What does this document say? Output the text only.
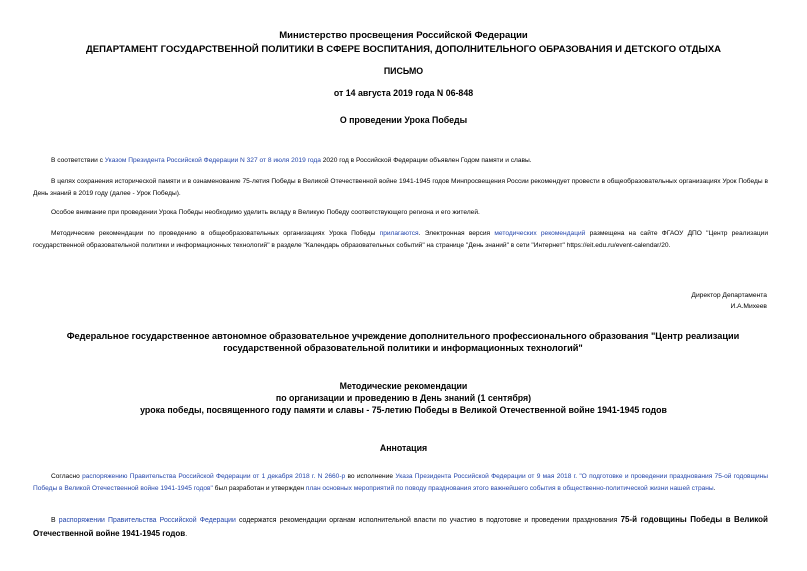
Министерство просвещения Российской Федерации
ДЕПАРТАМЕНТ ГОСУДАРСТВЕННОЙ ПОЛИТИКИ В СФЕРЕ ВОСПИТАНИЯ, ДОПОЛНИТЕЛЬНОГО ОБРАЗОВАНИЯ И ДЕТСКОГО ОТДЫХА
ПИСЬМО
от 14 августа 2019 года N 06-848
О проведении Урока Победы
В соответствии с Указом Президента Российской Федерации N 327 от 8 июля 2019 года 2020 год в Российской Федерации объявлен Годом памяти и славы.
В целях сохранения исторической памяти и в ознаменование 75-летия Победы в Великой Отечественной войне 1941-1945 годов Минпросвещения России рекомендует провести в общеобразовательных организациях Урок Победы в День знаний в 2019 году (далее - Урок Победы).
Особое внимание при проведении Урока Победы необходимо уделить вкладу в Великую Победу соответствующего региона и его жителей.
Методические рекомендации по проведению в общеобразовательных организациях Урока Победы прилагаются. Электронная версия методических рекомендаций размещена на сайте ФГАОУ ДПО "Центр реализации государственной образовательной политики и информационных технологий" в разделе "Календарь образовательных событий" на странице "День знаний" в сети "Интернет" https://eit.edu.ru/event-calendar/20.
Директор Департамента
И.А.Михеев
Федеральное государственное автономное образовательное учреждение дополнительного профессионального образования "Центр реализации государственной образовательной политики и информационных технологий"
Методические рекомендации
по организации и проведению в День знаний (1 сентября)
урока победы, посвященного году памяти и славы - 75-летию Победы в Великой Отечественной войне 1941-1945 годов
Аннотация
Согласно распоряжению Правительства Российской Федерации от 1 декабря 2018 г. N 2660-р во исполнение Указа Президента Российской Федерации от 9 мая 2018 г. "О подготовке и проведении празднования 75-ой годовщины Победы в Великой Отечественной войне 1941-1945 годов" был разработан и утвержден план основных мероприятий по поводу празднования этого важнейшего события в общественно-политической жизни нашей страны.
В распоряжении Правительства Российской Федерации содержатся рекомендации органам исполнительной власти по участию в подготовке и проведении празднования 75-й годовщины Победы в Великой Отечественной войне 1941-1945 годов.
